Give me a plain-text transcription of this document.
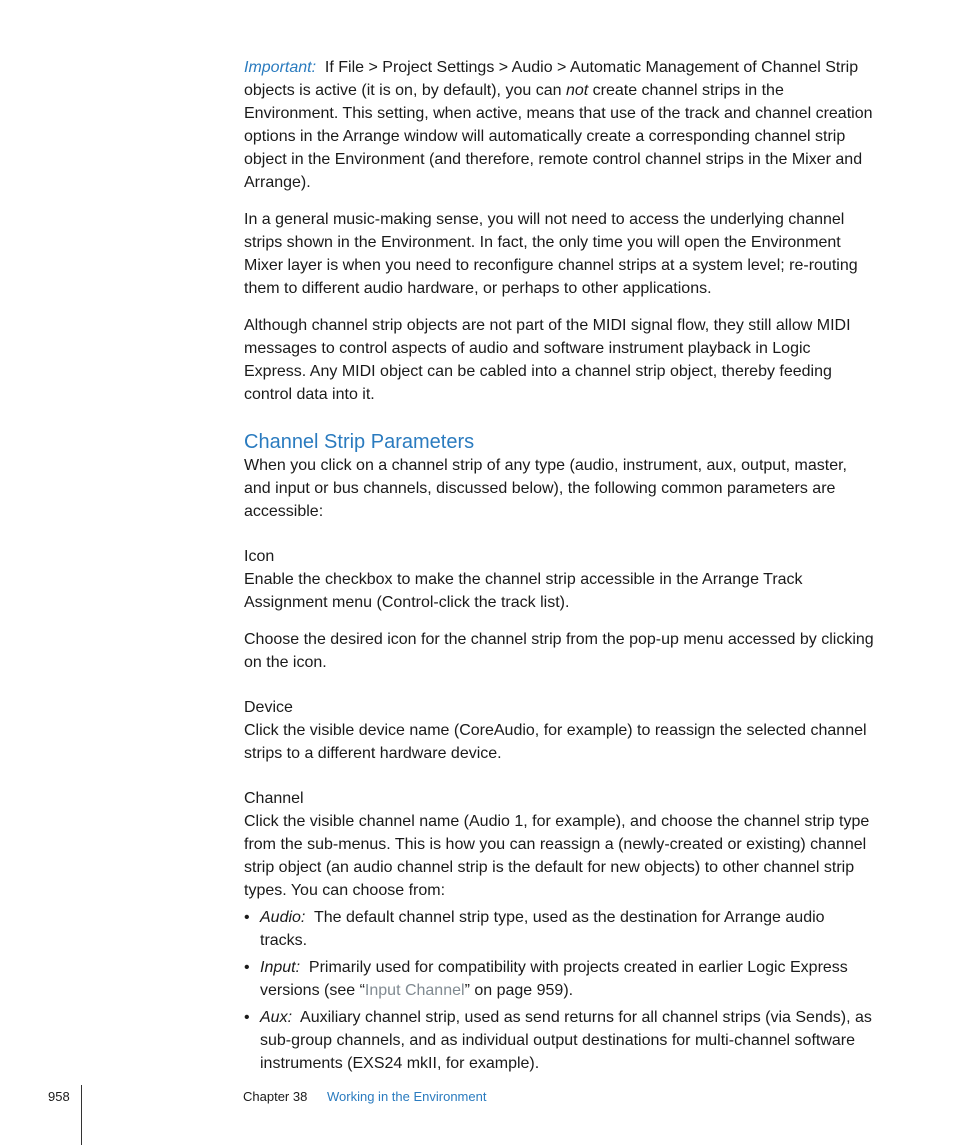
Important: If File > Project Settings > Audio > Automatic Management of Channel Strip objects is active (it is on, by default), you can not create channel strips in the Environment. This setting, when active, means that use of the track and channel creation options in the Arrange window will automatically create a corresponding channel strip object in the Environment (and therefore, remote control channel strips in the Mixer and Arrange).

In a general music-making sense, you will not need to access the underlying channel strips shown in the Environment. In fact, the only time you will open the Environment Mixer layer is when you need to reconfigure channel strips at a system level; re-routing them to different audio hardware, or perhaps to other applications.

Although channel strip objects are not part of the MIDI signal flow, they still allow MIDI messages to control aspects of audio and software instrument playback in Logic Express. Any MIDI object can be cabled into a channel strip object, thereby feeding control data into it.

Channel Strip Parameters

When you click on a channel strip of any type (audio, instrument, aux, output, master, and input or bus channels, discussed below), the following common parameters are accessible:

Icon

Enable the checkbox to make the channel strip accessible in the Arrange Track Assignment menu (Control-click the track list).

Choose the desired icon for the channel strip from the pop-up menu accessed by clicking on the icon.

Device

Click the visible device name (CoreAudio, for example) to reassign the selected channel strips to a different hardware device.

Channel

Click the visible channel name (Audio 1, for example), and choose the channel strip type from the sub-menus. This is how you can reassign a (newly-created or existing) channel strip object (an audio channel strip is the default for new objects) to other channel strip types. You can choose from:

• Audio: The default channel strip type, used as the destination for Arrange audio tracks.
• Input: Primarily used for compatibility with projects created in earlier Logic Express versions (see “Input Channel” on page 959).
• Aux: Auxiliary channel strip, used as send returns for all channel strips (via Sends), as sub-group channels, and as individual output destinations for multi-channel software instruments (EXS24 mkII, for example).
958	Chapter 38 Working in the Environment
